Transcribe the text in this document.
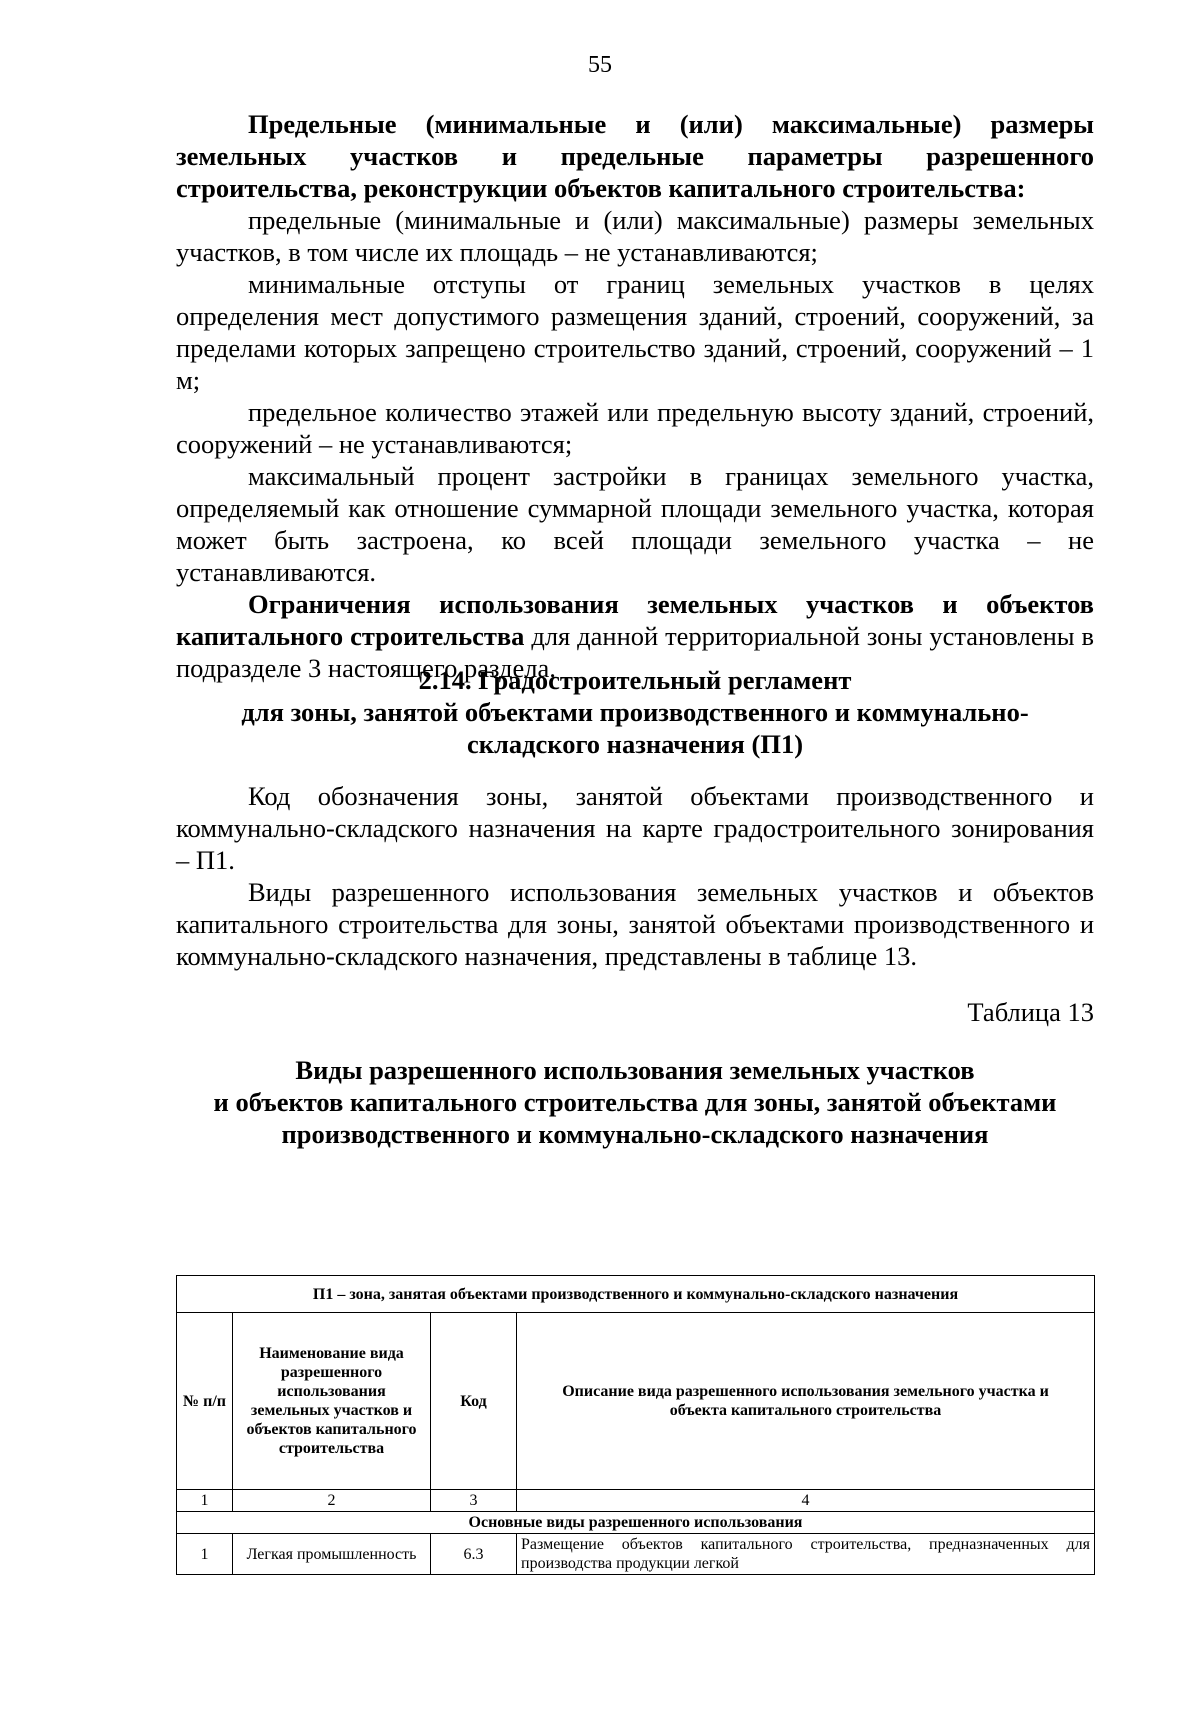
55

Предельные (минимальные и (или) максимальные) размеры земельных участков и предельные параметры разрешенного строительства, реконструкции объектов капитального строительства:

предельные (минимальные и (или) максимальные) размеры земельных участков, в том числе их площадь – не устанавливаются;

минимальные отступы от границ земельных участков в целях определения мест допустимого размещения зданий, строений, сооружений, за пределами которых запрещено строительство зданий, строений, сооружений – 1 м;

предельное количество этажей или предельную высоту зданий, строений, сооружений – не устанавливаются;

максимальный процент застройки в границах земельного участка, определяемый как отношение суммарной площади земельного участка, которая может быть застроена, ко всей площади земельного участка – не устанавливаются.

Ограничения использования земельных участков и объектов капитального строительства для данной территориальной зоны установлены в подразделе 3 настоящего раздела.

2.14. Градостроительный регламент
для зоны, занятой объектами производственного и коммунально-
складского назначения (П1)

Код обозначения зоны, занятой объектами производственного и коммунально-складского назначения на карте градостроительного зонирования – П1.

Виды разрешенного использования земельных участков и объектов капитального строительства для зоны, занятой объектами производственного и коммунально-складского назначения, представлены в таблице 13.

Таблица 13
Виды разрешенного использования земельных участков
и объектов капитального строительства для зоны, занятой объектами
производственного и коммунально-складского назначения
П1 – зона, занятая объектами производственного и коммунально-складского назначения			
№ п/п	Наименование вида разрешенного использования земельных участков и объектов капитального строительства	Код	Описание вида разрешенного использования земельного участка и объекта капитального строительства
1	2	3	4
Основные виды разрешенного использования			
1	Легкая промышленность	6.3	Размещение объектов капитального строительства, предназначенных для производства продукции легкой
